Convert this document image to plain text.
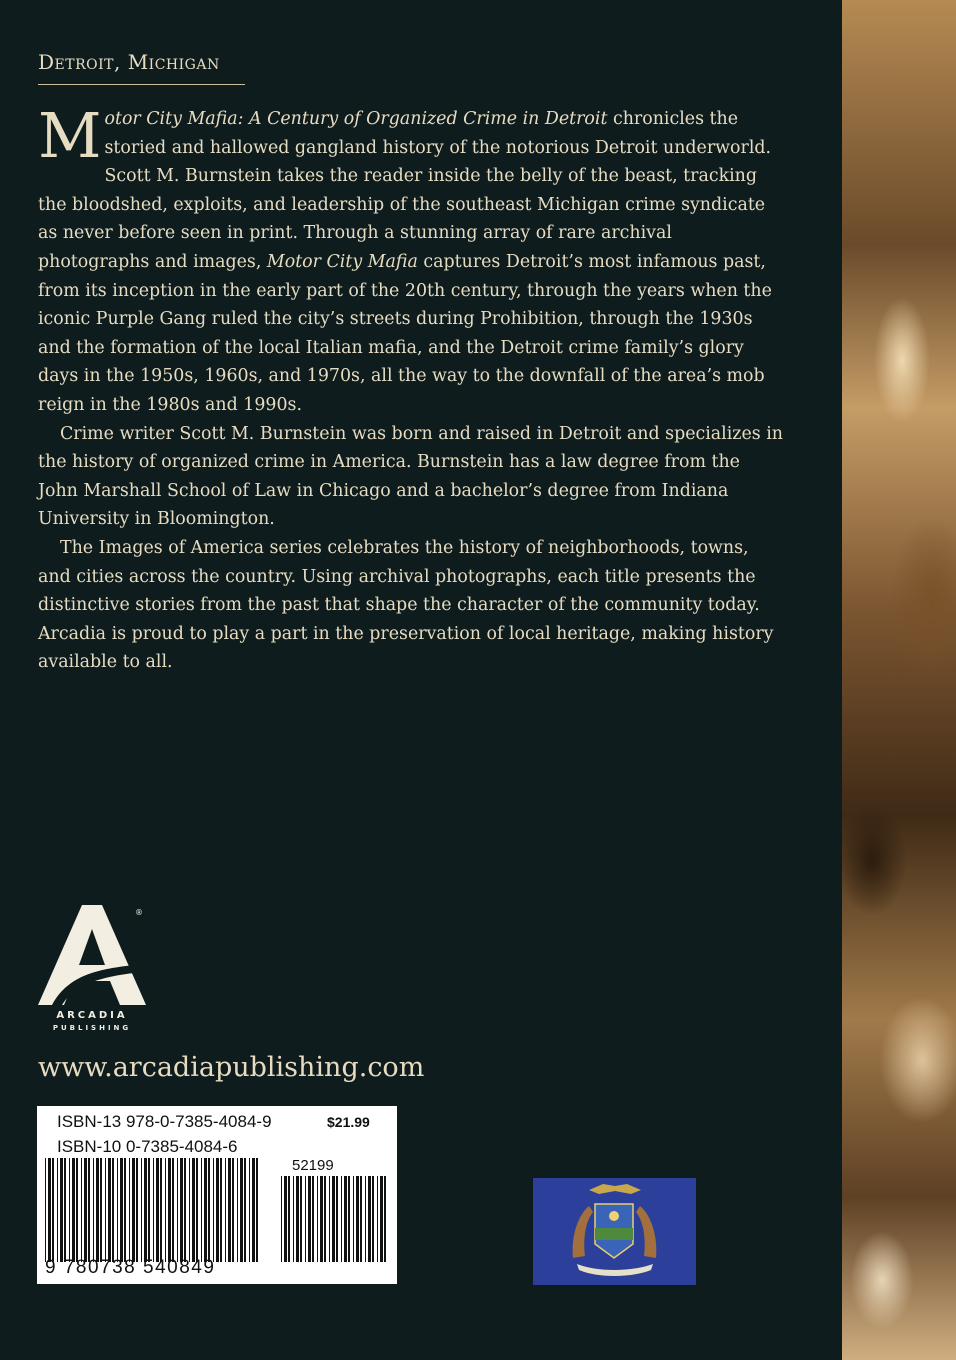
Detroit, Michigan

Motor City Mafia: A Century of Organized Crime in Detroit chronicles the storied and hallowed gangland history of the notorious Detroit underworld. Scott M. Burnstein takes the reader inside the belly of the beast, tracking the bloodshed, exploits, and leadership of the southeast Michigan crime syndicate as never before seen in print. Through a stunning array of rare archival photographs and images, Motor City Mafia captures Detroit’s most infamous past, from its inception in the early part of the 20th century, through the years when the iconic Purple Gang ruled the city’s streets during Prohibition, through the 1930s and the formation of the local Italian mafia, and the Detroit crime family’s glory days in the 1950s, 1960s, and 1970s, all the way to the downfall of the area’s mob reign in the 1980s and 1990s.

Crime writer Scott M. Burnstein was born and raised in Detroit and specializes in the history of organized crime in America. Burnstein has a law degree from the John Marshall School of Law in Chicago and a bachelor’s degree from Indiana University in Bloomington.

The Images of America series celebrates the history of neighborhoods, towns, and cities across the country. Using archival photographs, each title presents the distinctive stories from the past that shape the character of the community today. Arcadia is proud to play a part in the preservation of local heritage, making history available to all.

®
ARCADIA
PUBLISHING
www.arcadiapublishing.com
ISBN-13 978-0-7385-4084-9
ISBN-10 0-7385-4084-6
$21.99
52199
9 780738 540849
